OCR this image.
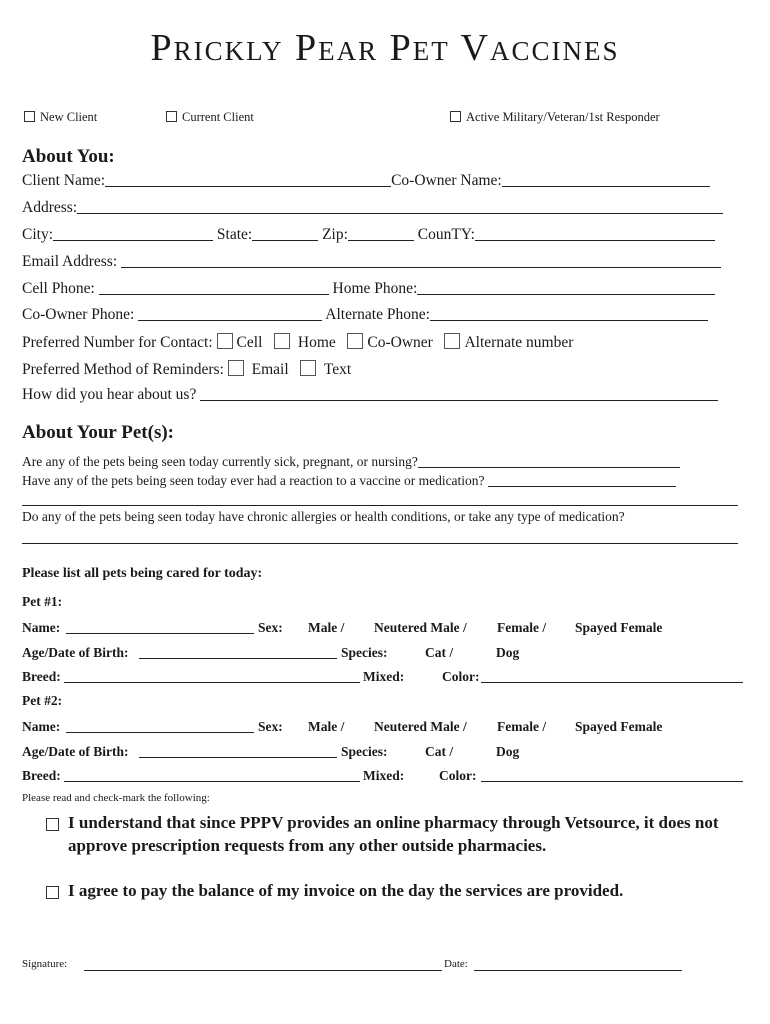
Prickly Pear Pet Vaccines
New Client	Current Client	Active Military/Veteran/1st Responder
About You:
Client Name:	Co-Owner Name:
Address:
City:	State:	Zip:	CounTY:
Email Address:
Cell Phone:	Home Phone:
Co-Owner Phone:	Alternate Phone:
Preferred Number for Contact: Cell Home Co-Owner Alternate number
Preferred Method of Reminders: Email Text
How did you hear about us?
About Your Pet(s):
Are any of the pets being seen today currently sick, pregnant, or nursing?
Have any of the pets being seen today ever had a reaction to a vaccine or medication?
Do any of the pets being seen today have chronic allergies or health conditions, or take any type of medication?
Please list all pets being cared for today:
Pet #1:
Name:	Sex: Male / Neutered Male / Female / Spayed Female
Age/Date of Birth:	Species:	Cat /	Dog
Breed:	Mixed:	Color:
Pet #2:
Name:	Sex: Male / Neutered Male / Female / Spayed Female
Age/Date of Birth:	Species:	Cat /	Dog
Breed:	Mixed:	Color:
Please read and check-mark the following:
I understand that since PPPV provides an online pharmacy through Vetsource, it does not
approve prescription requests from any other outside pharmacies.
I agree to pay the balance of my invoice on the day the services are provided.
Signature:	Date:
